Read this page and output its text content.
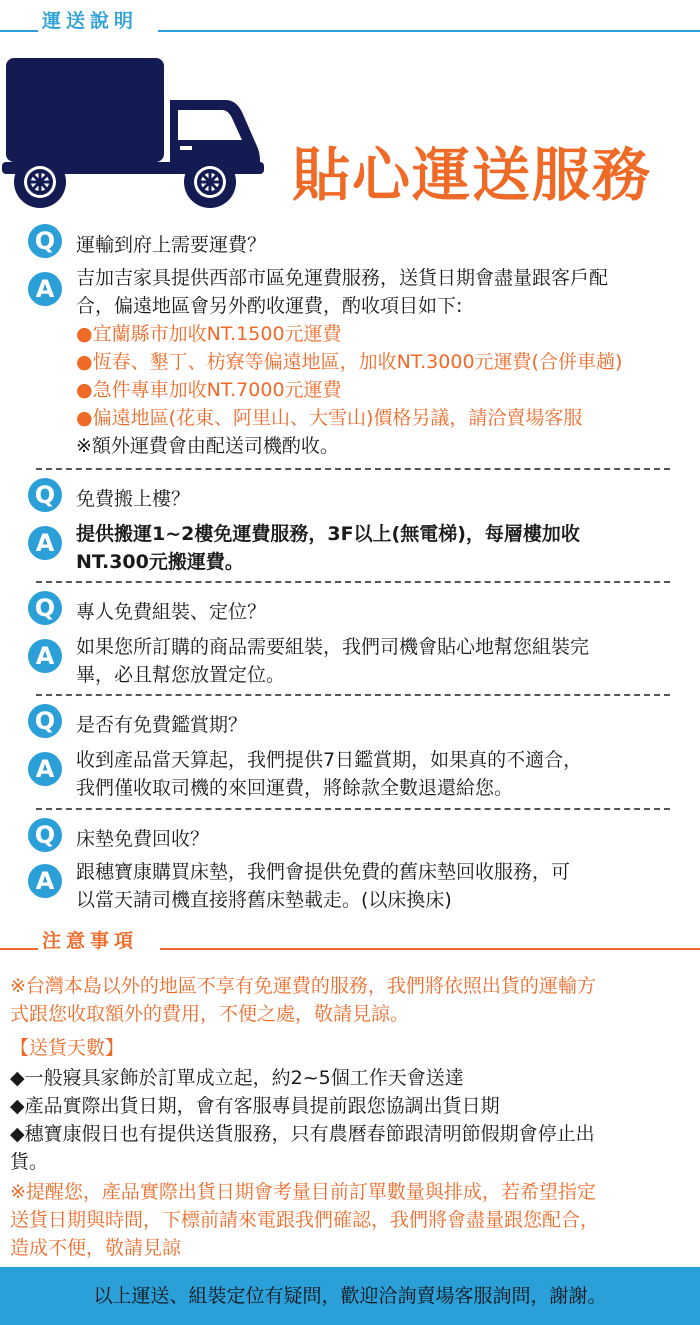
運送說明
貼心運送服務
Q	運輸到府上需要運費？
A	吉加吉家具提供西部市區免運費服務，送貨日期會盡量跟客戶配
合，偏遠地區會另外酌收運費，酌收項目如下:
●宜蘭縣市加收NT.1500元運費
●恆春、墾丁、枋寮等偏遠地區，加收NT.3000元運費(合併車趟)
●急件專車加收NT.7000元運費
●偏遠地區(花東、阿里山、大雪山)價格另議，請洽賣場客服
※額外運費會由配送司機酌收。
Q	免費搬上樓？
A	提供搬運1~2樓免運費服務，3F以上(無電梯)，每層樓加收
NT.300元搬運費。
Q	專人免費組裝、定位？
A	如果您所訂購的商品需要組裝，我們司機會貼心地幫您組裝完
畢，必且幫您放置定位。
Q	是否有免費鑑賞期？
A	收到產品當天算起，我們提供7日鑑賞期，如果真的不適合，
我們僅收取司機的來回運費，將餘款全數退還給您。
Q	床墊免費回收？
A	跟穗寶康購買床墊，我們會提供免費的舊床墊回收服務，可
以當天請司機直接將舊床墊載走。(以床換床)
注意事項
※台灣本島以外的地區不享有免運費的服務，我們將依照出貨的運輸方
式跟您收取額外的費用，不便之處，敬請見諒。
【送貨天數】
◆一般寢具家飾於訂單成立起，約2~5個工作天會送達
◆產品實際出貨日期，會有客服專員提前跟您協調出貨日期
◆穗寶康假日也有提供送貨服務，只有農曆春節跟清明節假期會停止出
貨。
※提醒您，產品實際出貨日期會考量目前訂單數量與排成，若希望指定
送貨日期與時間，下標前請來電跟我們確認，我們將會盡量跟您配合，
造成不便，敬請見諒
以上運送、組裝定位有疑問，歡迎洽詢賣場客服詢問，謝謝。
